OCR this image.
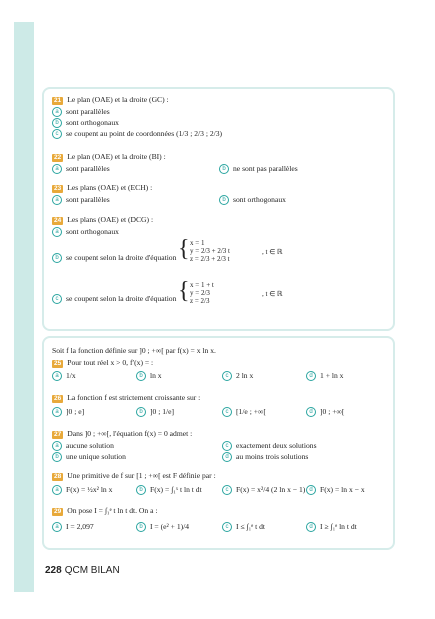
21 Le plan (OAE) et la droite (GC) :
a sont parallèles
b sont orthogonaux
c se coupent au point de coordonnées (1/3 ; 2/3 ; 2/3)
22 Le plan (OAE) et la droite (BI) :
a sont parallèles	b ne sont pas parallèles
23 Les plans (OAE) et (ECH) :
a sont parallèles	b sont orthogonaux
24 Les plans (OAE) et (DCG) :
a sont orthogonaux
b se coupent selon la droite d'équation { x = 1
y = 2/3 + 2/3 t
z = 2/3 + 2/3 t
, t ∈ ℝ
c se coupent selon la droite d'équation { x = 1 + t
y = 2/3
z = 2/3
, t ∈ ℝ
Soit f la fonction définie sur ]0 ; +∞[ par f(x) = x ln x.
25 Pour tout réel x > 0, f′(x) = :
a 1/x	b ln x	c 2 ln x	d 1 + ln x
26 La fonction f est strictement croissante sur :
a ]0 ; e]	b ]0 ; 1/e]	c [1/e ; +∞[	d ]0 ; +∞[
27 Dans ]0 ; +∞[, l'équation f(x) = 0 admet :
a aucune solution	c exactement deux solutions
b une unique solution	d au moins trois solutions
28 Une primitive de f sur [1 ; +∞[ est F définie par :
a F(x) = ½x² ln x	b F(x) = ∫₁ˣ t ln t dt	c F(x) = x²/4 (2 ln x − 1) d F(x) = ln x − x
29 On pose I = ∫₁ᵉ t ln t dt. On a :
a I = 2,097	b I = (e² + 1)/4	c I ≤ ∫₁ᵉ t dt	d I ≥ ∫₁ᵉ ln t dt
228 QCM BILAN
